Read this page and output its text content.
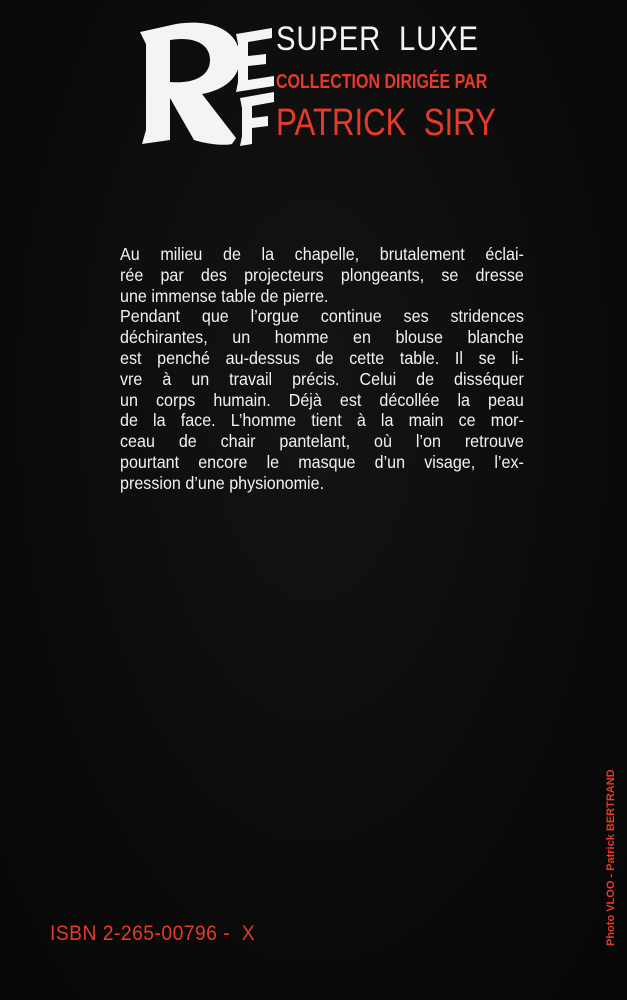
SUPER  LUXE
COLLECTION DIRIGÉE PAR
PATRICK  SIRY
Au milieu de la chapelle, brutalement éclai-
rée par des projecteurs plongeants, se dresse
une immense table de pierre.
Pendant que l’orgue continue ses stridences
déchirantes, un homme en blouse blanche
est penché au-dessus de cette table. Il se li-
vre à un travail précis. Celui de disséquer
un corps humain. Déjà est décollée la peau
de la face. L’homme tient à la main ce mor-
ceau de chair pantelant, où l’on retrouve
pourtant encore le masque d’un visage, l’ex-
pression d’une physionomie.
ISBN 2-265-00796 -  X	Photo VLOO - Patrick BERTRAND
